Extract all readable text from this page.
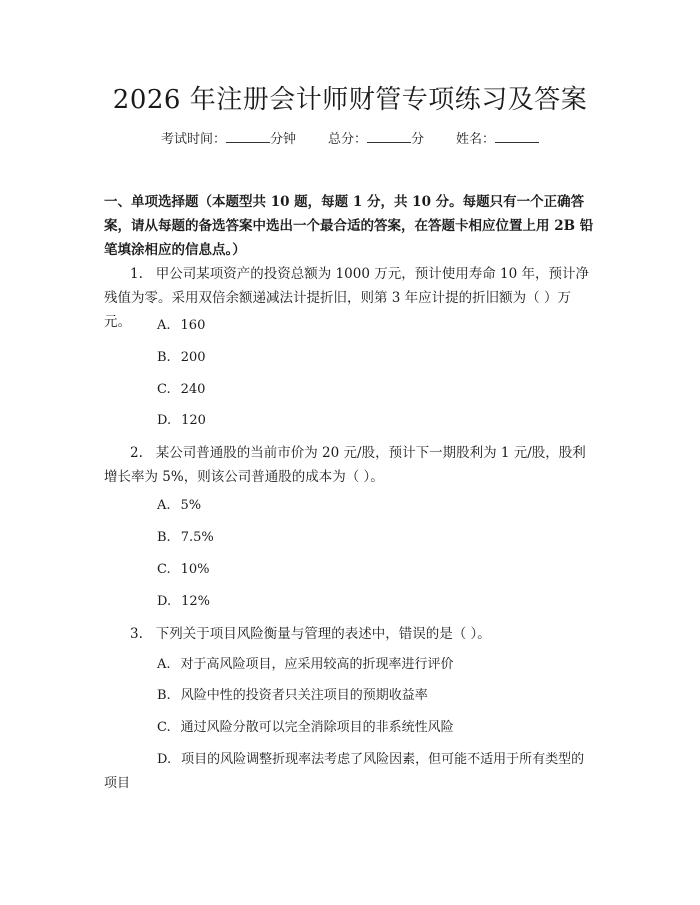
2026 年注册会计师财管专项练习及答案
考试时间：	分钟 总分：	分 姓名：
一、单项选择题（本题型共 10 题，每题 1 分，共 10 分。每题只有一个正确答案，请从每题的备选答案中选出一个最合适的答案，在答题卡相应位置上用 2B 铅笔填涂相应的信息点。）
1. 甲公司某项资产的投资总额为 1000 万元，预计使用寿命 10 年，预计净残值为零。采用双倍余额递减法计提折旧，则第 3 年应计提的折旧额为（ ）万元。	A. 160
B. 200
C. 240
D. 120
2. 某公司普通股的当前市价为 20 元/股，预计下一期股利为 1 元/股，股利增长率为 5%，则该公司普通股的成本为（ ）。
A. 5%
B. 7.5%
C. 10%
D. 12%
3. 下列关于项目风险衡量与管理的表述中，错误的是（ ）。
A. 对于高风险项目，应采用较高的折现率进行评价
B. 风险中性的投资者只关注项目的预期收益率
C. 通过风险分散可以完全消除项目的非系统性风险
D. 项目的风险调整折现率法考虑了风险因素，但可能不适用于所有类型的项目
